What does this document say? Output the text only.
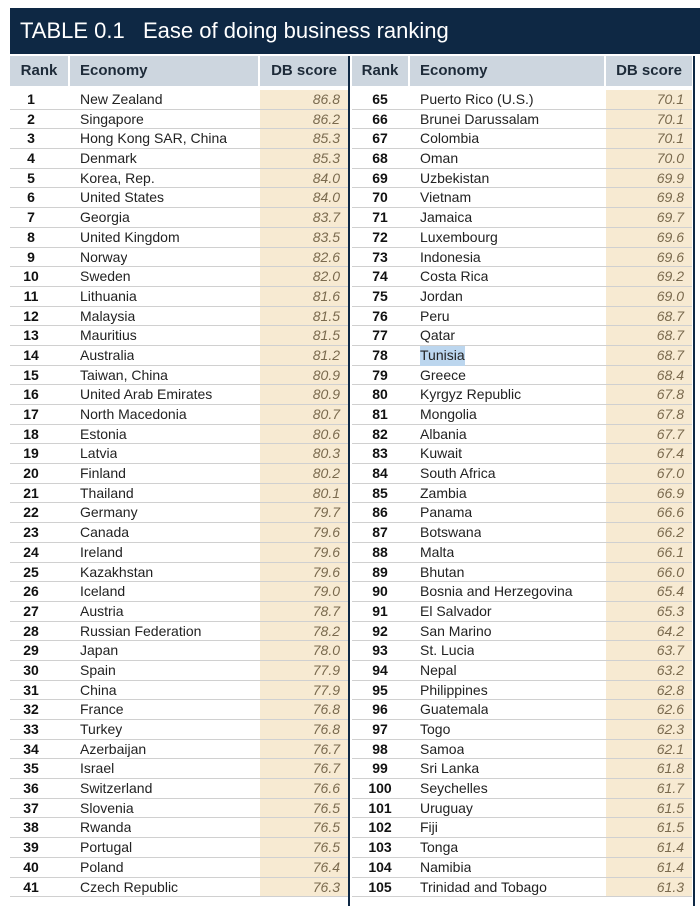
TABLE 0.1 Ease of doing business ranking
Rank	Economy	DB score	Rank	Economy	DB score
1	New Zealand	86.8
2	Singapore	86.2
3	Hong Kong SAR, China	85.3
4	Denmark	85.3
5	Korea, Rep.	84.0
6	United States	84.0
7	Georgia	83.7
8	United Kingdom	83.5
9	Norway	82.6
10	Sweden	82.0
11	Lithuania	81.6
12	Malaysia	81.5
13	Mauritius	81.5
14	Australia	81.2
15	Taiwan, China	80.9
16	United Arab Emirates	80.9
17	North Macedonia	80.7
18	Estonia	80.6
19	Latvia	80.3
20	Finland	80.2
21	Thailand	80.1
22	Germany	79.7
23	Canada	79.6
24	Ireland	79.6
25	Kazakhstan	79.6
26	Iceland	79.0
27	Austria	78.7
28	Russian Federation	78.2
29	Japan	78.0
30	Spain	77.9
31	China	77.9
32	France	76.8
33	Turkey	76.8
34	Azerbaijan	76.7
35	Israel	76.7
36	Switzerland	76.6
37	Slovenia	76.5
38	Rwanda	76.5
39	Portugal	76.5
40	Poland	76.4
41	Czech Republic	76.3
65	Puerto Rico (U.S.)	70.1
66	Brunei Darussalam	70.1
67	Colombia	70.1
68	Oman	70.0
69	Uzbekistan	69.9
70	Vietnam	69.8
71	Jamaica	69.7
72	Luxembourg	69.6
73	Indonesia	69.6
74	Costa Rica	69.2
75	Jordan	69.0
76	Peru	68.7
77	Qatar	68.7
78	Tunisia	68.7
79	Greece	68.4
80	Kyrgyz Republic	67.8
81	Mongolia	67.8
82	Albania	67.7
83	Kuwait	67.4
84	South Africa	67.0
85	Zambia	66.9
86	Panama	66.6
87	Botswana	66.2
88	Malta	66.1
89	Bhutan	66.0
90	Bosnia and Herzegovina	65.4
91	El Salvador	65.3
92	San Marino	64.2
93	St. Lucia	63.7
94	Nepal	63.2
95	Philippines	62.8
96	Guatemala	62.6
97	Togo	62.3
98	Samoa	62.1
99	Sri Lanka	61.8
100	Seychelles	61.7
101	Uruguay	61.5
102	Fiji	61.5
103	Tonga	61.4
104	Namibia	61.4
105	Trinidad and Tobago	61.3
